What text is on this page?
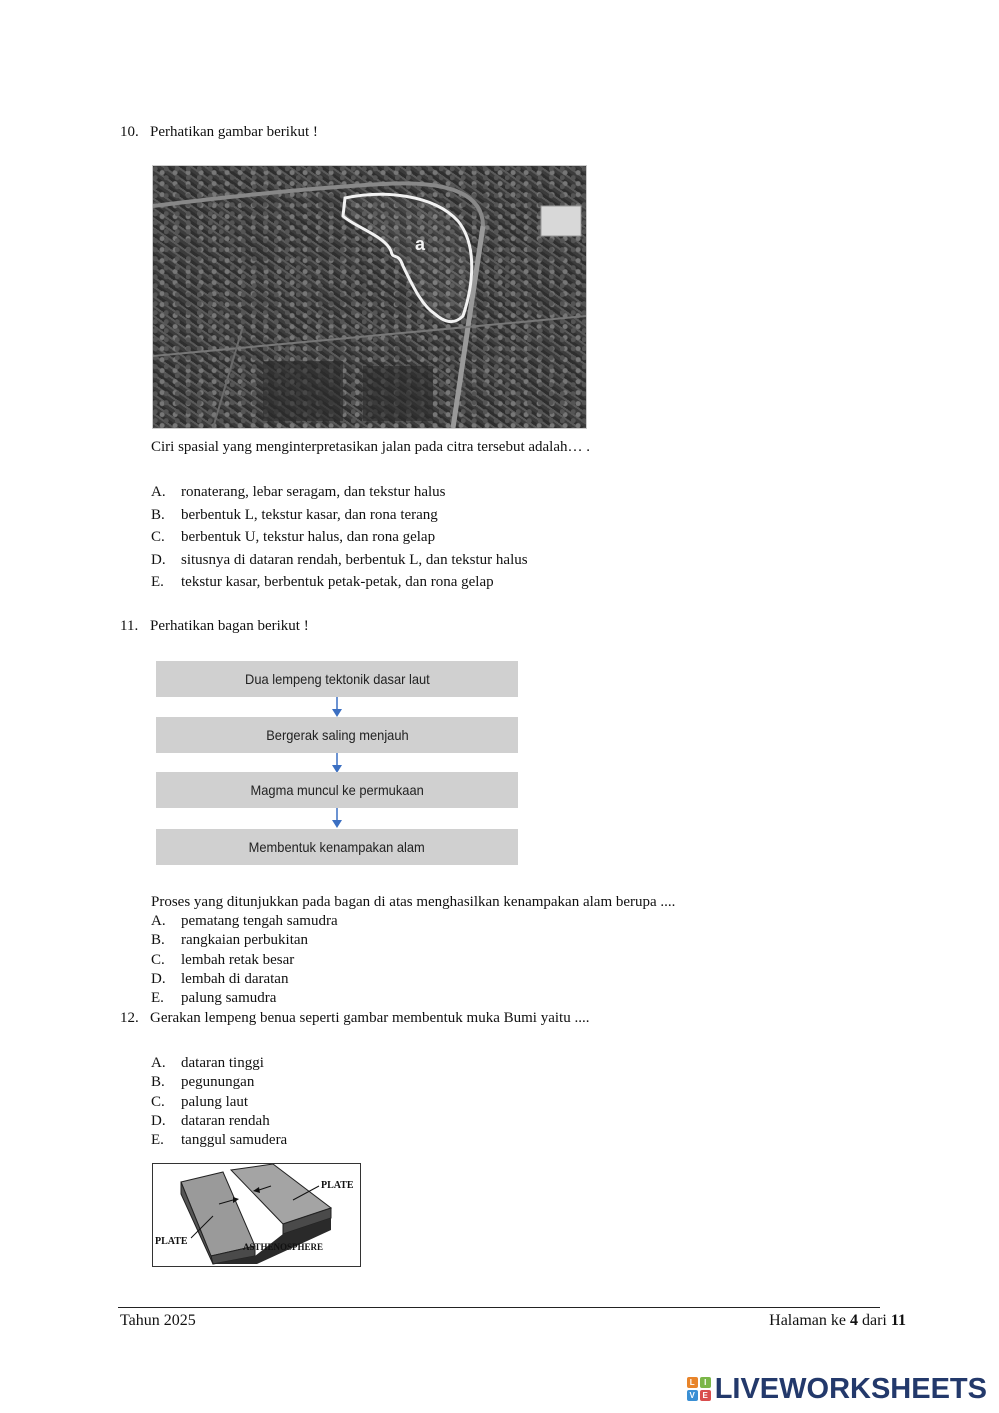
10. Perhatikan gambar berikut !
a
Ciri spasial yang menginterpretasikan jalan pada citra tersebut adalah… .
A. ronaterang, lebar seragam, dan tekstur halus
B. berbentuk L, tekstur kasar, dan rona terang
C. berbentuk U, tekstur halus, dan rona gelap
D. situsnya di dataran rendah, berbentuk L, dan tekstur halus
E. tekstur kasar, berbentuk petak-petak, dan rona gelap
11. Perhatikan bagan berikut !
Dua lempeng tektonik dasar laut
Bergerak saling menjauh
Magma muncul ke permukaan
Membentuk kenampakan alam
Proses yang ditunjukkan pada bagan di atas menghasilkan kenampakan alam berupa ....
A. pematang tengah samudra
B. rangkaian perbukitan
C. lembah retak besar
D. lembah di daratan
E. palung samudra
12. Gerakan lempeng benua seperti gambar membentuk muka Bumi yaitu ....
A. dataran tinggi
B. pegunungan
C. palung laut
D. dataran rendah
E. tanggul samudera
PLATE
PLATE	ASTHENOSPHERE
Tahun 2025	Halaman ke 4 dari 11
L	I
V E LIVEWORKSHEETS
